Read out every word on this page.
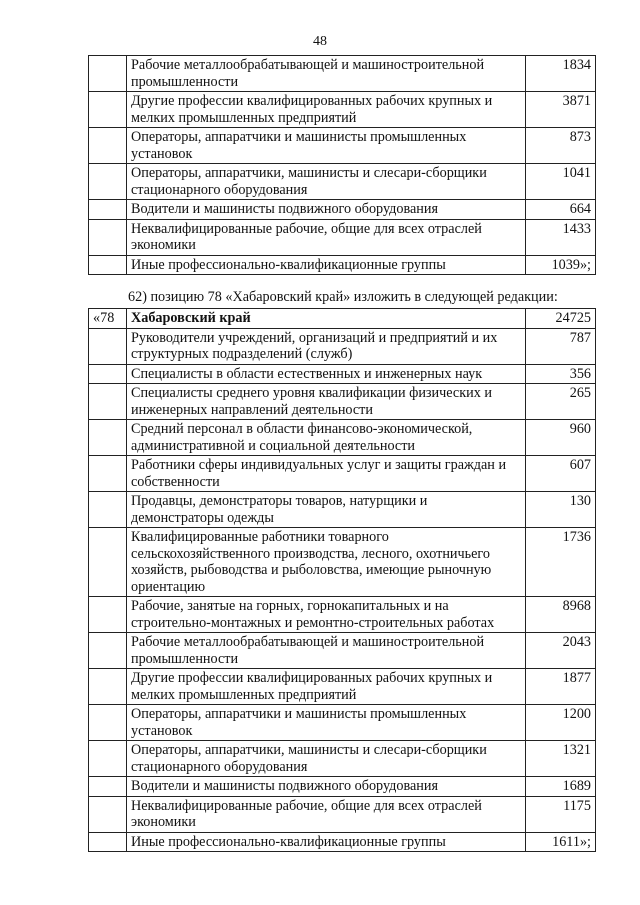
48
	Рабочие металлообрабатывающей и машиностроительной промышленности	1834
	Другие профессии квалифицированных рабочих крупных и мелких промышленных предприятий	3871
	Операторы, аппаратчики и машинисты промышленных установок	873
	Операторы, аппаратчики, машинисты и слесари-сборщики стационарного оборудования	1041
	Водители и машинисты подвижного оборудования	664
	Неквалифицированные рабочие, общие для всех отраслей экономики	1433
	Иные профессионально-квалификационные группы	1039»;
62) позицию 78 «Хабаровский край» изложить в следующей редакции:
«78	Хабаровский край	24725
	Руководители учреждений, организаций и предприятий и их структурных подразделений (служб)	787
	Специалисты в области естественных и инженерных наук	356
	Специалисты среднего уровня квалификации физических и инженерных направлений деятельности	265
	Средний персонал в области финансово-экономической, административной и социальной деятельности	960
	Работники сферы индивидуальных услуг и защиты граждан и собственности	607
	Продавцы, демонстраторы товаров, натурщики и демонстраторы одежды	130
	Квалифицированные работники товарного сельскохозяйственного производства, лесного, охотничьего хозяйств, рыбоводства и рыболовства, имеющие рыночную ориентацию	1736
	Рабочие, занятые на горных, горнокапитальных и на строительно-монтажных и ремонтно-строительных работах	8968
	Рабочие металлообрабатывающей и машиностроительной промышленности	2043
	Другие профессии квалифицированных рабочих крупных и мелких промышленных предприятий	1877
	Операторы, аппаратчики и машинисты промышленных установок	1200
	Операторы, аппаратчики, машинисты и слесари-сборщики стационарного оборудования	1321
	Водители и машинисты подвижного оборудования	1689
	Неквалифицированные рабочие, общие для всех отраслей экономики	1175
	Иные профессионально-квалификационные группы	1611»;
